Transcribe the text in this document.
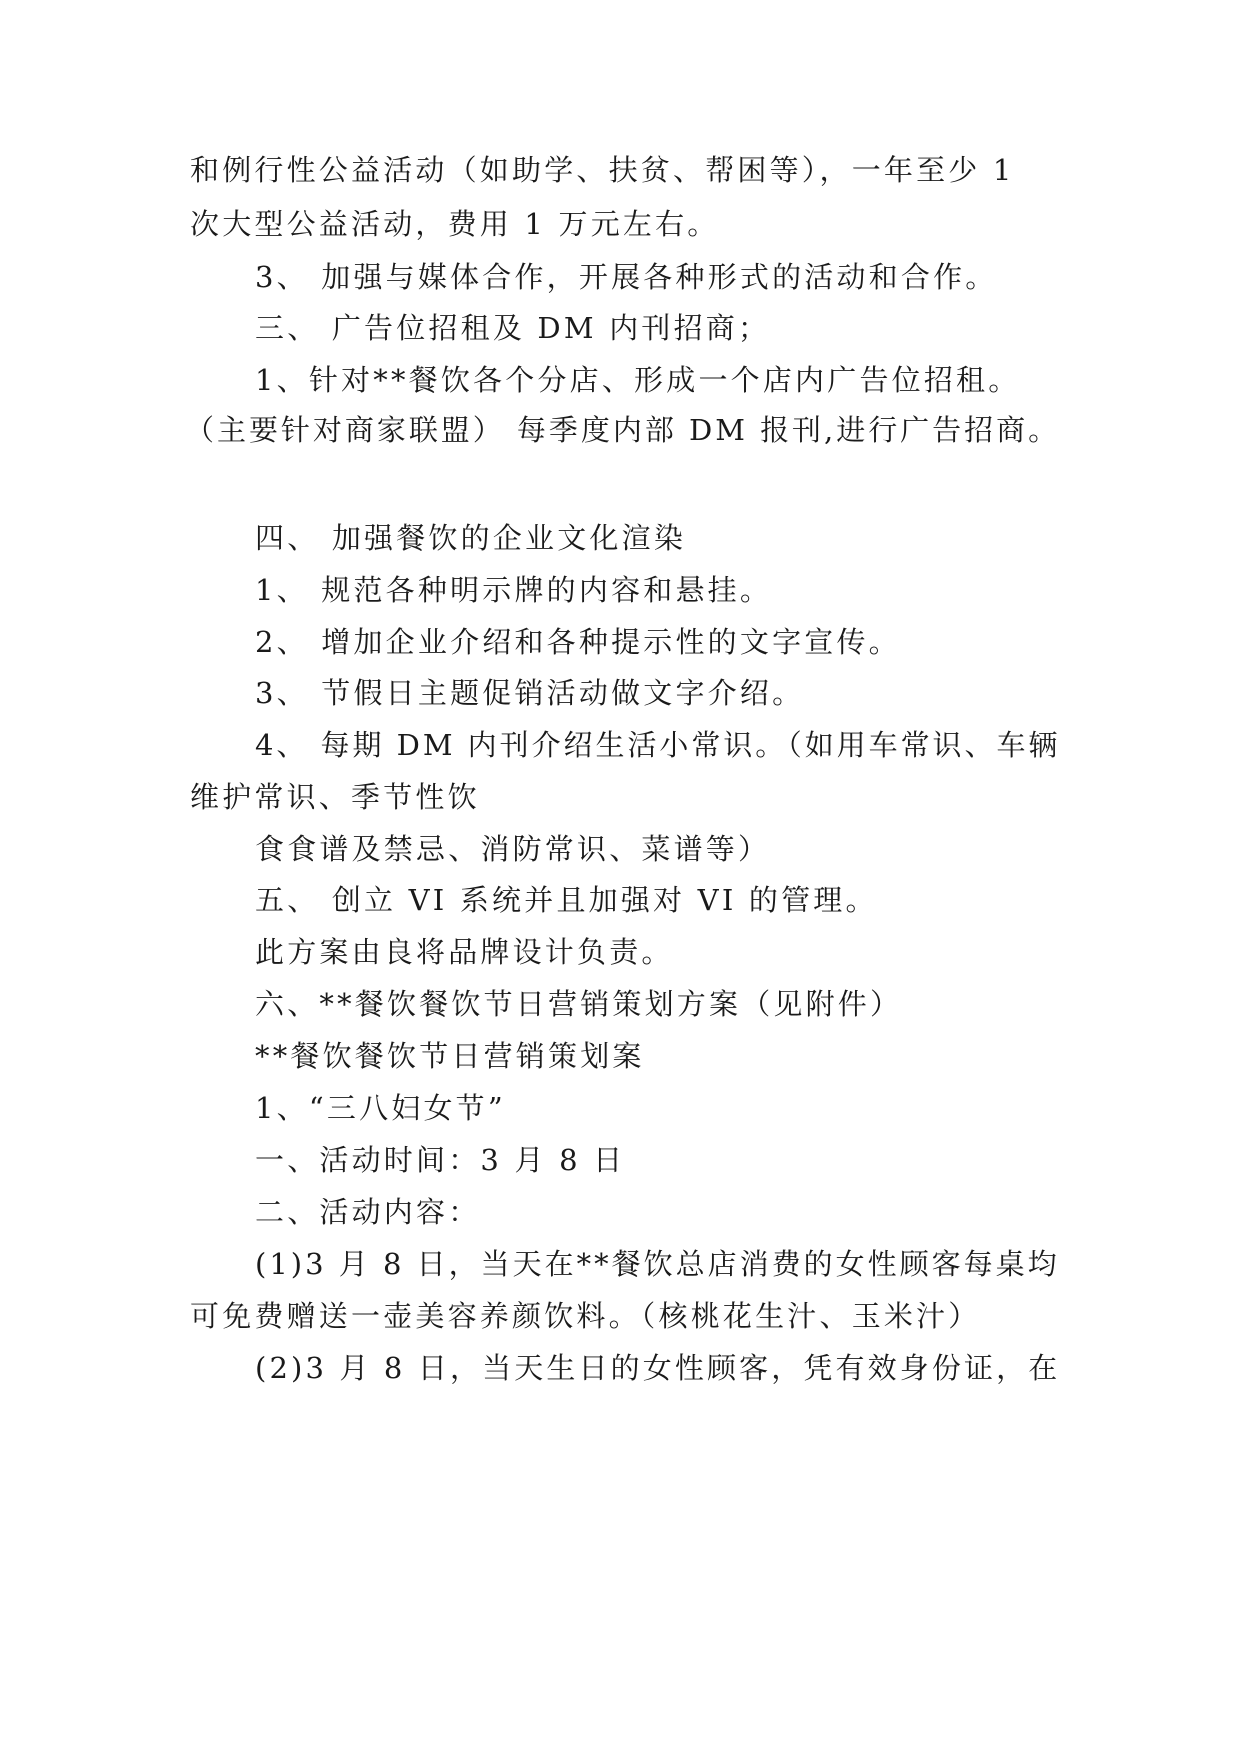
和例行性公益活动（如助学、扶贫、帮困等），一年至少 1
次大型公益活动，费用 1 万元左右。
3、 加强与媒体合作，开展各种形式的活动和合作。
三、 广告位招租及 DM 内刊招商；
1、针对**餐饮各个分店、形成一个店内广告位招租。
（主要针对商家联盟） 每季度内部 DM 报刊,进行广告招商。
四、 加强餐饮的企业文化渲染
1、 规范各种明示牌的内容和悬挂。
2、 增加企业介绍和各种提示性的文字宣传。
3、 节假日主题促销活动做文字介绍。
4、 每期 DM 内刊介绍生活小常识。（如用车常识、车辆
维护常识、季节性饮
食食谱及禁忌、消防常识、菜谱等）
五、 创立 VI 系统并且加强对 VI 的管理。
此方案由良将品牌设计负责。
六、**餐饮餐饮节日营销策划方案（见附件）
**餐饮餐饮节日营销策划案
1、“三八妇女节”
一、活动时间：3 月 8 日
二、活动内容：
(1)3 月 8 日，当天在**餐饮总店消费的女性顾客每桌均
可免费赠送一壶美容养颜饮料。（核桃花生汁、玉米汁）
(2)3 月 8 日，当天生日的女性顾客，凭有效身份证，在
